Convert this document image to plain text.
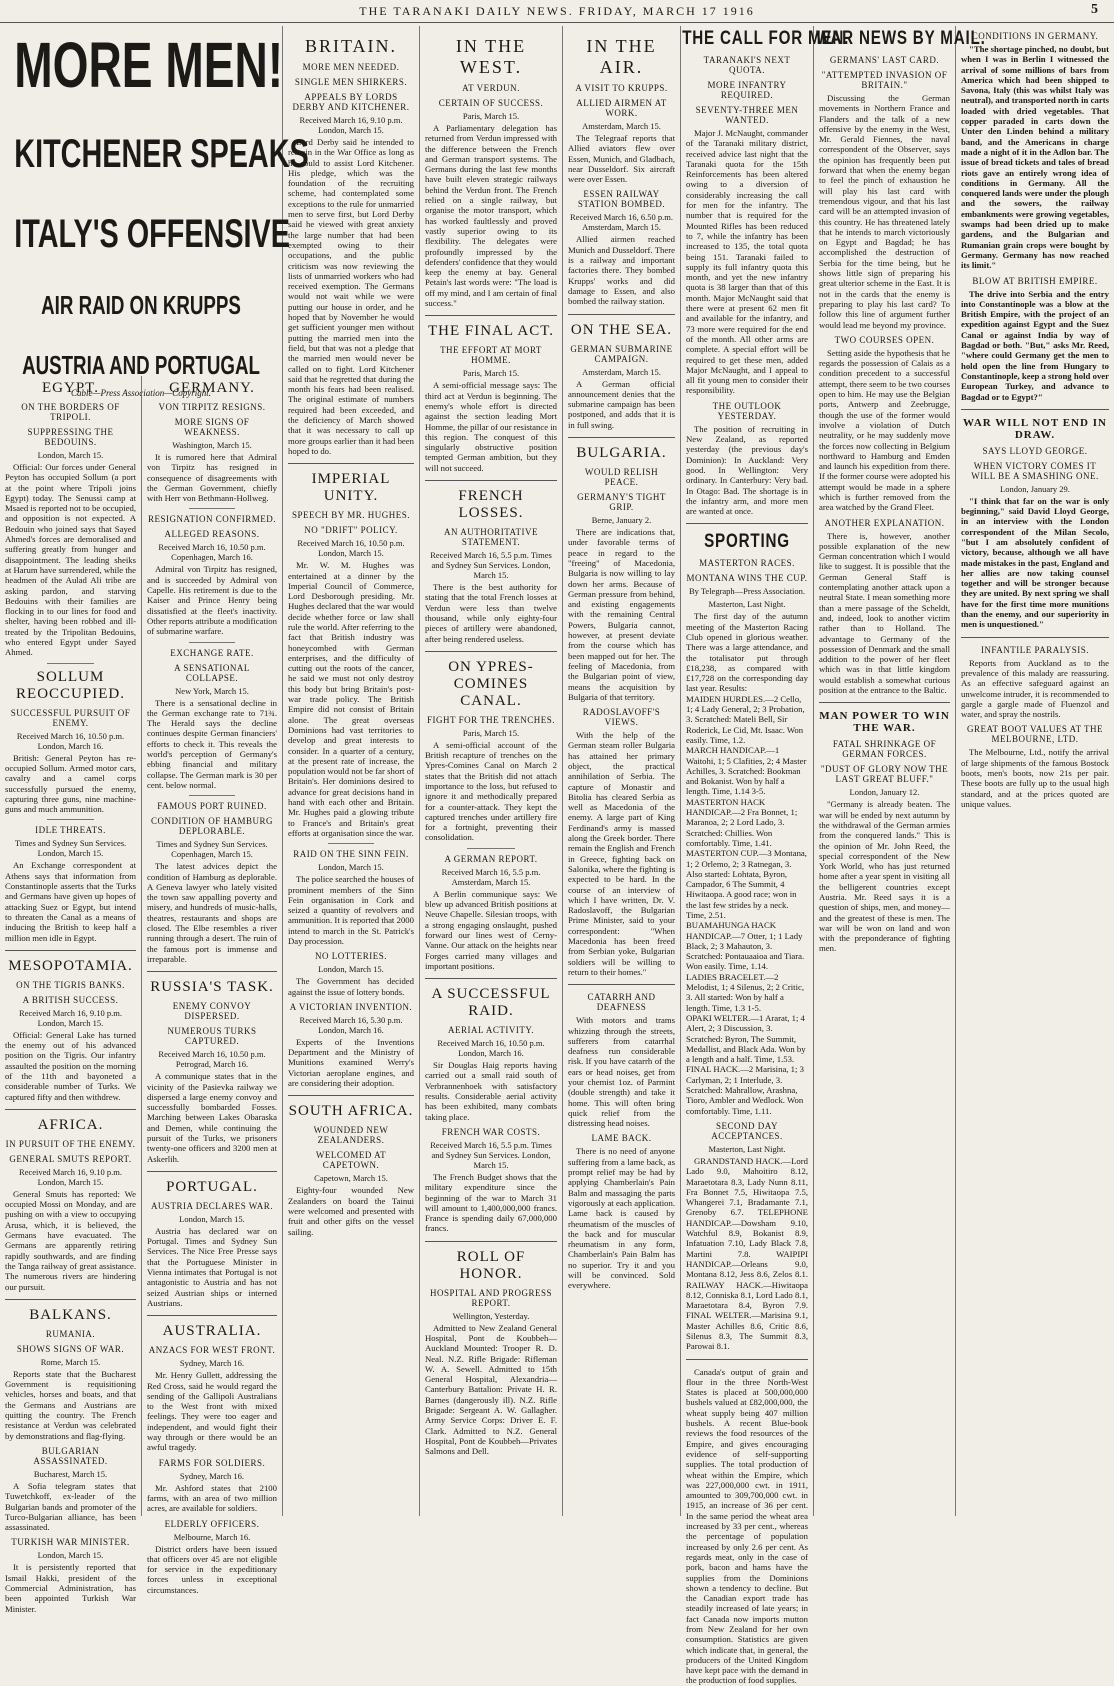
THE TARANAKI DAILY NEWS. FRIDAY, MARCH 17 1916	5
MORE MEN!
KITCHENER SPEAKS
ITALY'S OFFENSIVE
AIR RAID ON KRUPPS
AUSTRIA AND PORTUGAL
Cable—Press Association—Copyright.
EGYPT.
ON THE BORDERS OF TRIPOLI.
SUPPRESSING THE BEDOUINS.
London, March 15.

Official: Our forces under General Peyton has occupied Sollum (a port at the point where Tripoli joins Egypt) today. The Senussi camp at Msaed is reported not to be occupied, and opposition is not expected. A Bedouin who joined says that Sayed Ahmed's forces are demoralised and suffering greatly from hunger and disappointment. The leading sheiks at Harum have surrendered, while the headmen of the Aulad Ali tribe are asking pardon, and starving Bedouins with their families are flocking in to our lines for food and shelter, having been robbed and ill-treated by the Tripolitan Bedouins, who entered Egypt under Sayed Ahmed.

SOLLUM REOCCUPIED.
SUCCESSFUL PURSUIT OF ENEMY.
Received March 16, 10.50 p.m. London, March 16.

British: General Peyton has re-occupied Sollum. Armed motor cars, cavalry and a camel corps successfully pursued the enemy, capturing three guns, nine machine-guns and much ammunition.

IDLE THREATS.
Times and Sydney Sun Services. London, March 15.

An Exchange correspondent at Athens says that information from Constantinople asserts that the Turks and Germans have given up hopes of attacking Suez or Egypt, but intend to threaten the Canal as a means of inducing the British to keep half a million men idle in Egypt.

MESOPOTAMIA.
ON THE TIGRIS BANKS.
A BRITISH SUCCESS.
Received March 16, 9.10 p.m. London, March 15.

Official: General Lake has turned the enemy out of his advanced position on the Tigris. Our infantry assaulted the position on the morning of the 11th and bayoneted a considerable number of Turks. We captured fifty and then withdrew.

AFRICA.
IN PURSUIT OF THE ENEMY.
GENERAL SMUTS REPORT.
Received March 16, 9.10 p.m. London, March 15.

General Smuts has reported: We occupied Mossi on Monday, and are pushing on with a view to occupying Arusa, which, it is believed, the Germans have evacuated. The Germans are apparently retiring rapidly southwards, and are finding the Tanga railway of great assistance. The numerous rivers are hindering our pursuit.

BALKANS.
RUMANIA.
SHOWS SIGNS OF WAR.
Rome, March 15.

Reports state that the Bucharest Government is requisitioning vehicles, horses and boats, and that the Germans and Austrians are quitting the country. The French resistance at Verdun was celebrated by demonstrations and flag-flying.

BULGARIAN ASSASSINATED.
Bucharest, March 15.

A Sofia telegram states that Tuwetchkoff, ex-leader of the Bulgarian bands and promoter of the Turco-Bulgarian alliance, has been assassinated.

TURKISH WAR MINISTER.
London, March 15.

It is persistently reported that Ismail Hakki, president of the Commercial Administration, has been appointed Turkish War Minister.

GERMANY.
VON TIRPITZ RESIGNS.
MORE SIGNS OF WEAKNESS.
Washington, March 15.

It is rumored here that Admiral von Tirpitz has resigned in consequence of disagreements with the German Government, chiefly with Herr von Bethmann-Hollweg.

RESIGNATION CONFIRMED.
ALLEGED REASONS.
Received March 16, 10.50 p.m. Copenhagen, March 16.

Admiral von Tirpitz has resigned, and is succeeded by Admiral von Capelle. His retirement is due to the Kaiser and Prince Henry being dissatisfied at the fleet's inactivity. Other reports attribute a modification of submarine warfare.

EXCHANGE RATE.
A SENSATIONAL COLLAPSE.
New York, March 15.

There is a sensational decline in the German exchange rate to 71¾. The Herald says the decline continues despite German financiers' efforts to check it. This reveals the world's perception of Germany's ebbing financial and military collapse. The German mark is 30 per cent. below normal.

FAMOUS PORT RUINED.
CONDITION OF HAMBURG DEPLORABLE.
Times and Sydney Sun Services. Copenhagen, March 15.

The latest advices depict the condition of Hamburg as deplorable. A Geneva lawyer who lately visited the town saw appalling poverty and misery, and hundreds of music-halls, theatres, restaurants and shops are closed. The Elbe resembles a river running through a desert. The ruin of the famous port is immense and irreparable.

RUSSIA'S TASK.
ENEMY CONVOY DISPERSED.
NUMEROUS TURKS CAPTURED.
Received March 16, 10.50 p.m. Petrograd, March 16.

A communique states that in the vicinity of the Pasievka railway we dispersed a large enemy convoy and successfully bombarded Fosses. Marching between Lakes Obaraska and Demen, while continuing the pursuit of the Turks, we prisoners twenty-one officers and 3200 men at Askerlih.

PORTUGAL.
AUSTRIA DECLARES WAR.
London, March 15.

Austria has declared war on Portugal. Times and Sydney Sun Services. The Nice Free Presse says that the Portuguese Minister in Vienna intimates that Portugal is not antagonistic to Austria and has not seized Austrian ships or interned Austrians.

AUSTRALIA.
ANZACS FOR WEST FRONT.
Sydney, March 16.

Mr. Henry Gullett, addressing the Red Cross, said he would regard the sending of the Gallipoli Australians to the West front with mixed feelings. They were too eager and independent, and would fight their way through or there would be an awful tragedy.

FARMS FOR SOLDIERS.
Sydney, March 16.

Mr. Ashford states that 2100 farms, with an area of two million acres, are available for soldiers.

ELDERLY OFFICERS.
Melbourne, March 16.

District orders have been issued that officers over 45 are not eligible for service in the expeditionary forces unless in exceptional circumstances.

BRITAIN.
MORE MEN NEEDED.
SINGLE MEN SHIRKERS.
APPEALS BY LORDS DERBY AND KITCHENER.
Received March 16, 9.10 p.m. London, March 15.

Lord Derby said he intended to remain in the War Office as long as he could to assist Lord Kitchener. His pledge, which was the foundation of the recruiting scheme, had contemplated some exceptions to the rule for unmarried men to serve first, but Lord Derby said he viewed with great anxiety the large number that had been exempted owing to their occupations, and the public criticism was now reviewing the lists of unmarried workers who had received exemption. The Germans would not wait while we were putting our house in order, and he hoped that by November he would get sufficient younger men without putting the married men into the field, but that was not a pledge that the married men would never be called on to fight. Lord Kitchener said that he regretted that during the month his fears had been realised. The original estimate of numbers required had been exceeded, and the deficiency of March showed that it was necessary to call up more groups earlier than it had been hoped to do.

IMPERIAL UNITY.
SPEECH BY MR. HUGHES.
NO "DRIFT" POLICY.
Received March 16, 10.50 p.m. London, March 15.

Mr. W. M. Hughes was entertained at a dinner by the Imperial Council of Commerce, Lord Desborough presiding. Mr. Hughes declared that the war would decide whether force or law shall rule the world. After referring to the fact that British industry was honeycombed with German enterprises, and the difficulty of cutting out the roots of the cancer, he said we must not only destroy this body but bring Britain's post-war trade policy. The British Empire did not consist of Britain alone. The great overseas Dominions had vast territories to develop and great interests to consider. In a quarter of a century, at the present rate of increase, the population would not be far short of Britain's. Her dominions desired to advance for great decisions hand in hand with each other and Britain. Mr. Hughes paid a glowing tribute to France's and Britain's great efforts at organisation since the war.

RAID ON THE SINN FEIN.
London, March 15.

The police searched the houses of prominent members of the Sinn Fein organisation in Cork and seized a quantity of revolvers and ammunition. It is reported that 2000 intend to march in the St. Patrick's Day procession.

NO LOTTERIES.
London, March 15.

The Government has decided against the issue of lottery bonds.

A VICTORIAN INVENTION.
Received March 16, 5.30 p.m. London, March 16.

Experts of the Inventions Department and the Ministry of Munitions examined Werry's Victorian aeroplane engines, and are considering their adoption.

SOUTH AFRICA.
WOUNDED NEW ZEALANDERS.
WELCOMED AT CAPETOWN.
Capetown, March 15.

Eighty-four wounded New Zealanders on board the Tainui were welcomed and presented with fruit and other gifts on the vessel sailing.

IN THE WEST.
AT VERDUN.
CERTAIN OF SUCCESS.
Paris, March 15.

A Parliamentary delegation has returned from Verdun impressed with the difference between the French and German transport systems. The Germans during the last few months have built eleven strategic railways behind the Verdun front. The French relied on a single railway, but organise the motor transport, which has worked faultlessly and proved vastly superior owing to its flexibility. The delegates were profoundly impressed by the defenders' confidence that they would keep the enemy at bay. General Petain's last words were: "The load is off my mind, and I am certain of final success."

THE FINAL ACT.
THE EFFORT AT MORT HOMME.
Paris, March 15.

A semi-official message says: The third act at Verdun is beginning. The enemy's whole effort is directed against the section leading Mort Homme, the pillar of our resistance in this region. The conquest of this singularly obstructive position tempted German ambition, but they will not succeed.

FRENCH LOSSES.
AN AUTHORITATIVE STATEMENT.
Received March 16, 5.5 p.m. Times and Sydney Sun Services. London, March 15.

There is the best authority for stating that the total French losses at Verdun were less than twelve thousand, while only eighty-four pieces of artillery were abandoned, after being rendered useless.

ON YPRES-COMINES CANAL.
FIGHT FOR THE TRENCHES.
Paris, March 15.

A semi-official account of the British recapture of trenches on the Ypres-Comines Canal on March 2 states that the British did not attach importance to the loss, but refused to ignore it and methodically prepared for a counter-attack. They kept the captured trenches under artillery fire for a fortnight, preventing their consolidation.

A GERMAN REPORT.
Received March 16, 5.5 p.m. Amsterdam, March 15.

A Berlin communique says: We blew up advanced British positions at Neuve Chapelle. Silesian troops, with a strong engaging onslaught, pushed forward our lines west of Cerny-Vanne. Our attack on the heights near Forges carried many villages and important positions.

A SUCCESSFUL RAID.
AERIAL ACTIVITY.
Received March 16, 10.50 p.m. London, March 16.

Sir Douglas Haig reports having carried out a small raid south of Verbrannenhoek with satisfactory results. Considerable aerial activity has been exhibited, many combats taking place.

FRENCH WAR COSTS.
Received March 16, 5.5 p.m. Times and Sydney Sun Services. London, March 15.

The French Budget shows that the military expenditure since the beginning of the war to March 31 will amount to 1,400,000,000 francs. France is spending daily 67,000,000 francs.

ROLL OF HONOR.
HOSPITAL AND PROGRESS REPORT.
Wellington, Yesterday.

Admitted to New Zealand General Hospital, Pont de Koubbeh—Auckland Mounted: Trooper R. D. Neal. N.Z. Rifle Brigade: Rifleman W. A. Sewell. Admitted to 15th General Hospital, Alexandria—Canterbury Battalion: Private H. R. Barnes (dangerously ill). N.Z. Rifle Brigade: Sergeant A. W. Gallagher. Army Service Corps: Driver E. F. Clark. Admitted to N.Z. General Hospital, Pont de Koubbeh—Privates Salmons and Dell.

IN THE AIR.
A VISIT TO KRUPPS.
ALLIED AIRMEN AT WORK.
Amsterdam, March 15.

The Telegraaf reports that Allied aviators flew over Essen, Munich, and Gladbach, near Dusseldorf. Six aircraft were over Essen.

ESSEN RAILWAY STATION BOMBED.
Received March 16, 6.50 p.m. Amsterdam, March 15.

Allied airmen reached Munich and Dusseldorf. There is a railway and important factories there. They bombed Krupps' works and did damage to Essen, and also bombed the railway station.

ON THE SEA.
GERMAN SUBMARINE CAMPAIGN.
Amsterdam, March 15.

A German official announcement denies that the submarine campaign has been postponed, and adds that it is in full swing.

BULGARIA.
WOULD RELISH PEACE.
GERMANY'S TIGHT GRIP.
Berne, January 2.

There are indications that, under favorable terms of peace in regard to the "freeing" of Macedonia, Bulgaria is now willing to lay down her arms. Because of German pressure from behind, and existing engagements with the remaining Central Powers, Bulgaria cannot, however, at present deviate from the course which has been mapped out for her. The feeling of Macedonia, from the Bulgarian point of view, means the acquisition by Bulgaria of that territory.

RADOSLAVOFF'S VIEWS.

With the help of the German steam roller Bulgaria has attained her primary object, the practical annihilation of Serbia. The capture of Monastir and Bitolia has cleared Serbia as well as Macedonia of the enemy. A large part of King Ferdinand's army is massed along the Greek border. There remain the English and French in Greece, fighting back on Salonika, where the fighting is expected to be hard. In the course of an interview of which I have written, Dr. V. Radoslavoff, the Bulgarian Prime Minister, said to your correspondent: "When Macedonia has been freed from Serbian yoke, Bulgarian soldiers will be willing to return to their homes."

CATARRH AND DEAFNESS

With motors and trams whizzing through the streets, sufferers from catarrhal deafness run considerable risk. If you have catarrh of the ears or head noises, get from your chemist 1oz. of Parmint (double strength) and take it home. This will often bring quick relief from the distressing head noises.

LAME BACK.

There is no need of anyone suffering from a lame back, as prompt relief may be had by applying Chamberlain's Pain Balm and massaging the parts vigorously at each application. Lame back is caused by rheumatism of the muscles of the back and for muscular rheumatism in any form, Chamberlain's Pain Balm has no superior. Try it and you will be convinced. Sold everywhere.

THE CALL FOR MEN.
TARANAKI'S NEXT QUOTA.
MORE INFANTRY REQUIRED.
SEVENTY-THREE MEN WANTED.

Major J. McNaught, commander of the Taranaki military district, received advice last night that the Taranaki quota for the 15th Reinforcements has been altered owing to a diversion of considerably increasing the call for men for the infantry. The number that is required for the Mounted Rifles has been reduced to 7, while the infantry has been increased to 135, the total quota being 151. Taranaki failed to supply its full infantry quota this month, and yet the new infantry quota is 38 larger than that of this month. Major McNaught said that there were at present 62 men fit and available for the infantry, and 73 more were required for the end of the month. All other arms are complete. A special effort will be required to get these men, added Major McNaught, and I appeal to all fit young men to consider their responsibility.

THE OUTLOOK YESTERDAY.

The position of recruiting in New Zealand, as reported yesterday (the previous day's Dominion): In Auckland: Very good. In Wellington: Very ordinary. In Canterbury: Very bad. In Otago: Bad. The shortage is in the infantry arm, and more men are wanted at once.

SPORTING
MASTERTON RACES.
MONTANA WINS THE CUP.
By Telegraph—Press Association.
Masterton, Last Night.

The first day of the autumn meeting of the Masterton Racing Club opened in glorious weather. There was a large attendance, and the totalisator put through £18,238, as compared with £17,728 on the corresponding day last year. Results:

MAIDEN HURDLES.—2 Cello, 1; 4 Lady General, 2; 3 Probation, 3. Scratched: Mateli Bell, Sir Roderick, Le Cid, Mt. Isaac. Won easily. Time, 1.2.

MARCH HANDICAP.—1 Waitohi, 1; 5 Clafities, 2; 4 Master Achilles, 3. Scratched: Bookman and Bokanist. Won by half a length. Time, 1.14 3-5.

MASTERTON HACK HANDICAP.—2 Fra Bonnet, 1; Maranoa, 2; 2 Lord Lado, 3. Scratched: Chillies. Won comfortably. Time, 1.41.

MASTERTON CUP.—3 Montana, 1; 2 Orlemo, 2; 3 Ratnegan, 3. Also started: Lohtata, Byron, Campador, 6 The Summit, 4 Hiwitaopa. A good race; won in the last few strides by a neck. Time, 2.51.

BUAMAHUNGA HACK HANDICAP.—7 Otter, 1; 1 Lady Black, 2; 3 Mahauton, 3. Scratched: Pontauaaioa and Tiara. Won easily. Time, 1.14.

LADIES BRACELET.—2 Melodist, 1; 4 Silenus, 2; 2 Critic, 3. All started: Won by half a length. Time, 1.3 1-5.

OPAKI WELTER.—1 Ararat, 1; 4 Alert, 2; 3 Discussion, 3. Scratched: Byron, The Summit, Medallist, and Black Ada. Won by a length and a half. Time, 1.53.

FINAL HACK.—2 Marisina, 1; 3 Carlyman, 2; 1 Interlude, 3. Scratched: Mahrallow, Arashna, Tioro, Ambler and Wedlock. Won comfortably. Time, 1.11.

SECOND DAY ACCEPTANCES.
Masterton, Last Night.

GRANDSTAND HACK.—Lord Lado 9.0, Mahoitiro 8.12, Maraetotara 8.3, Lady Nunn 8.11, Fra Bonnet 7.5, Hiwitaopa 7.5, Whangerei 7.1, Bradamante 7.1, Grenoby 6.7. TELEPHONE HANDICAP.—Dowsham 9.10, Watchful 8.9, Bokanist 8.9, Infatuation 7.10, Lady Black 7.8, Martini 7.8. WAIPIPI HANDICAP.—Orleans 9.0, Montana 8.12, Jess 8.6, Zelos 8.1. RAILWAY HACK.—Hiwitaopa 8.12, Conniska 8.1, Lord Lado 8.1, Maraetotara 8.4, Byron 7.9. FINAL WELTER.—Marisina 9.1, Master Achilles 8.6, Critic 8.6, Silenus 8.3, The Summit 8.3, Parowai 8.1.

Canada's output of grain and flour in the three North-West States is placed at 500,000,000 bushels valued at £82,000,000, the wheat supply being 407 million bushels. A recent Blue-book reviews the food resources of the Empire, and gives encouraging evidence of self-supporting supplies. The total production of wheat within the Empire, which was 227,000,000 cwt. in 1911, amounted to 309,700,000 cwt. in 1915, an increase of 36 per cent. In the same period the wheat area increased by 33 per cent., whereas the percentage of population increased by only 2.6 per cent. As regards meat, only in the case of pork, bacon and hams have the supplies from the Dominions shown a tendency to decline. But the Canadian export trade has steadily increased of late years; in fact Canada now imports mutton from New Zealand for her own consumption. Statistics are given which indicate that, in general, the producers of the United Kingdom have kept pace with the demand in the production of food supplies.

WAR NEWS BY MAIL.
GERMANS' LAST CARD.
"ATTEMPTED INVASION OF BRITAIN."

Discussing the German movements in Northern France and Flanders and the talk of a new offensive by the enemy in the West, Mr. Gerald Fiennes, the naval correspondent of the Observer, says the opinion has frequently been put forward that when the enemy began to feel the pinch of exhaustion he will play his last card with tremendous vigour, and that his last card will be an attempted invasion of this country. He has threatened lately that he intends to march victoriously on Egypt and Bagdad; he has accomplished the destruction of Serbia for the time being, but he shows little sign of preparing his great ulterior scheme in the East. It is not in the cards that the enemy is preparing to play his last card? To follow this line of argument further would lead me beyond my province.

TWO COURSES OPEN.

Setting aside the hypothesis that he regards the possession of Calais as a condition precedent to a successful attempt, there seem to be two courses open to him. He may use the Belgian ports, Antwerp and Zeebrugge, though the use of the former would involve a violation of Dutch neutrality, or he may suddenly move the forces now collecting in Belgium northward to Hamburg and Emden and launch his expedition from there. If the former course were adopted his attempt would be made in a sphere which is further removed from the area watched by the Grand Fleet.

ANOTHER EXPLANATION.

There is, however, another possible explanation of the new German concentration which I would like to suggest. It is possible that the German General Staff is contemplating another attack upon a neutral State. I mean something more than a mere passage of the Scheldt, and, indeed, look to another victim rather than to Holland. The advantage to Germany of the possession of Denmark and the small addition to the power of her fleet which was in that little kingdom would establish a somewhat curious position at the entrance to the Baltic.

MAN POWER TO WIN THE WAR.
FATAL SHRINKAGE OF GERMAN FORCES.
"DUST OF GLORY NOW THE LAST GREAT BLUFF."
London, January 12.

"Germany is already beaten. The war will be ended by next autumn by the withdrawal of the German armies from the conquered lands." This is the opinion of Mr. John Reed, the special correspondent of the New York World, who has just returned home after a year spent in visiting all the belligerent countries except Austria. Mr. Reed says it is a question of ships, men, and money—and the greatest of these is men. The war will be won on land and won with the preponderance of fighting men.

CONDITIONS IN GERMANY.

"The shortage pinched, no doubt, but when I was in Berlin I witnessed the arrival of some millions of bars from America which had been shipped to Savona, Italy (this was whilst Italy was neutral), and transported north in carts loaded with dried vegetables. That copper paraded in carts down the Unter den Linden behind a military band, and the Americans in charge made a night of it in the Adlon bar. The issue of bread tickets and tales of bread riots gave an entirely wrong idea of conditions in Germany. All the conquered lands were under the plough and the sowers, the railway embankments were growing vegetables, swamps had been dried up to make gardens, and the Bulgarian and Rumanian grain crops were bought by Germany. Germany has now reached its limit."

BLOW AT BRITISH EMPIRE.

The drive into Serbia and the entry into Constantinople was a blow at the British Empire, with the project of an expedition against Egypt and the Suez Canal or against India by way of Bagdad or both. "But," asks Mr. Reed, "where could Germany get the men to hold open the line from Hungary to Constantinople, keep a strong hold over European Turkey, and advance to Bagdad or to Egypt?"

WAR WILL NOT END IN DRAW.
SAYS LLOYD GEORGE.
WHEN VICTORY COMES IT WILL BE A SMASHING ONE.
London, January 29.

"I think that far on the war is only beginning," said David Lloyd George, in an interview with the London correspondent of the Milan Secolo, "but I am absolutely confident of victory, because, although we all have made mistakes in the past, England and her allies are now taking counsel together and will be stronger because they are united. By next spring we shall have for the first time more munitions than the enemy, and our superiority in men is unquestioned."

INFANTILE PARALYSIS.

Reports from Auckland as to the prevalence of this malady are reassuring. As an effective safeguard against an unwelcome intruder, it is recommended to gargle a gargle made of Fluenzol and water, and spray the nostrils.

GREAT BOOT VALUES AT THE MELBOURNE, LTD.

The Melbourne, Ltd., notify the arrival of large shipments of the famous Bostock boots, men's boots, now 21s per pair. These boots are fully up to the usual high standard, and at the prices quoted are unique values.
